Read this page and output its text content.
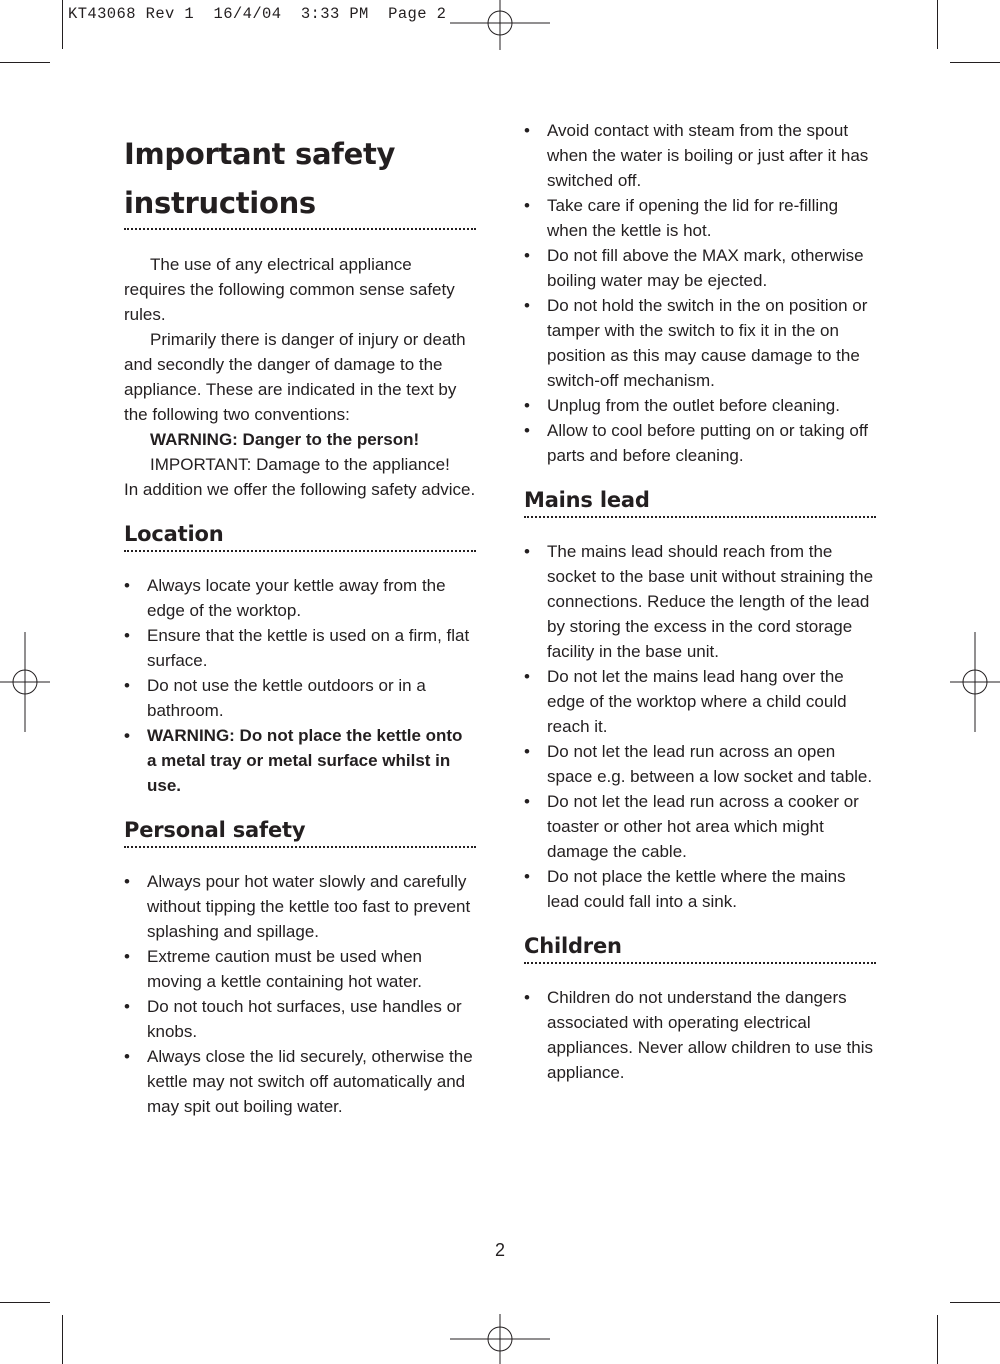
KT43068 Rev 1  16/4/04  3:33 PM  Page 2
Important safety instructions

The use of any electrical appliance requires the following common sense safety rules.

Primarily there is danger of injury or death and secondly the danger of damage to the appliance. These are indicated in the text by the following two conventions:

WARNING: Danger to the person!

IMPORTANT: Damage to the appliance!

In addition we offer the following safety advice.

Location
• Always locate your kettle away from the edge of the worktop.
• Ensure that the kettle is used on a firm, flat surface.
• Do not use the kettle outdoors or in a bathroom.
• WARNING: Do not place the kettle onto a metal tray or metal surface whilst in use.
Personal safety
• Always pour hot water slowly and carefully without tipping the kettle too fast to prevent splashing and spillage.
• Extreme caution must be used when moving a kettle containing hot water.
• Do not touch hot surfaces, use handles or knobs.
• Always close the lid securely, otherwise the kettle may not switch off automatically and may spit out boiling water.
• Avoid contact with steam from the spout when the water is boiling or just after it has switched off.
• Take care if opening the lid for re-filling when the kettle is hot.
• Do not fill above the MAX mark, otherwise boiling water may be ejected.
• Do not hold the switch in the on position or tamper with the switch to fix it in the on position as this may cause damage to the switch-off mechanism.
• Unplug from the outlet before cleaning.
• Allow to cool before putting on or taking off parts and before cleaning.
Mains lead
• The mains lead should reach from the socket to the base unit without straining the connections. Reduce the length of the lead by storing the excess in the cord storage facility in the base unit.
• Do not let the mains lead hang over the edge of the worktop where a child could reach it.
• Do not let the lead run across an open space e.g. between a low socket and table.
• Do not let the lead run across a cooker or toaster or other hot area which might damage the cable.
• Do not place the kettle where the mains lead could fall into a sink.
Children
• Children do not understand the dangers associated with operating electrical appliances. Never allow children to use this appliance.
2
